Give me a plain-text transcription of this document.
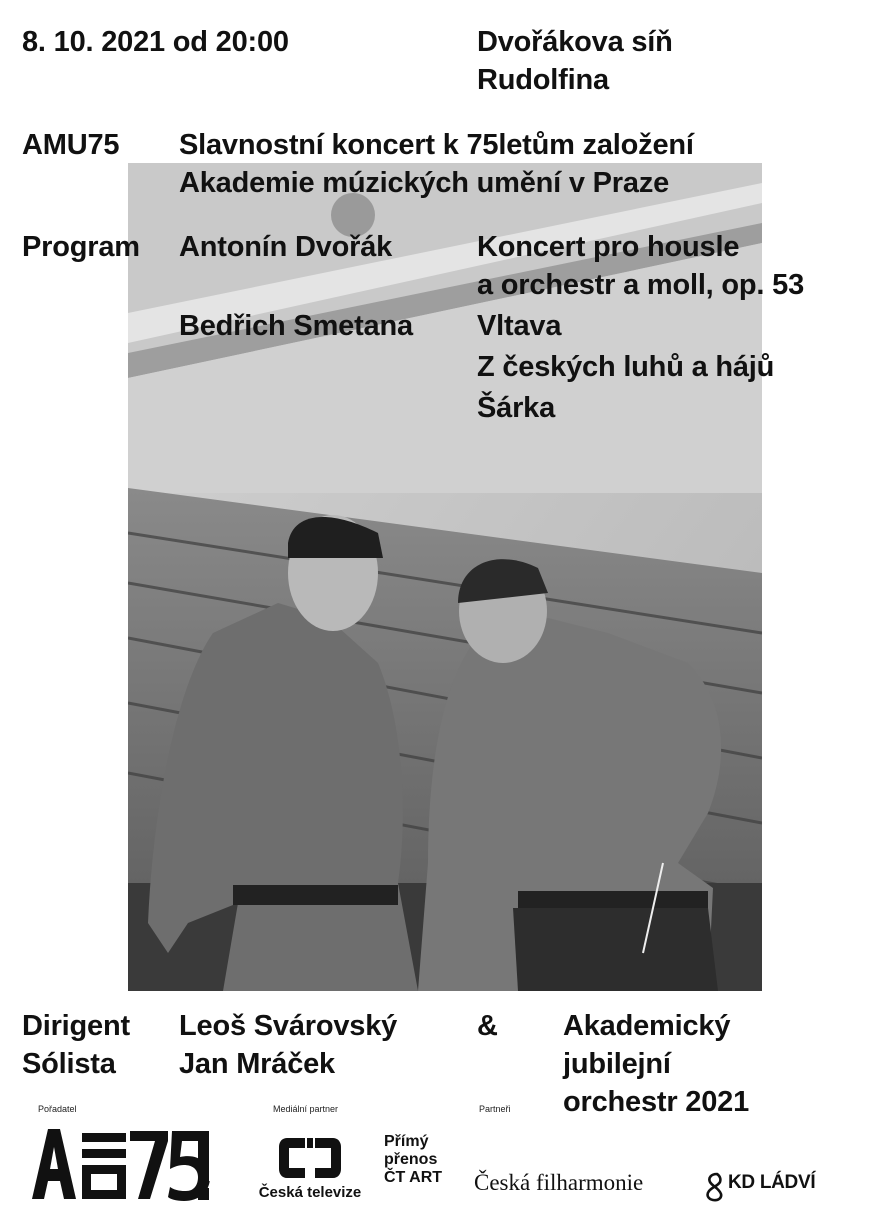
8. 10. 2021 od 20:00	Dvořákova síň
Rudolfina
AMU75 Slavnostní koncert k 75letům založení
Akademie múzických umění v Praze
Program Antonín Dvořák	Koncert pro housle
a orchestr a moll, op. 53
Bedřich Smetana Vltava
Z českých luhů a hájů
Šárka
Dirigent Leoš Svárovský	& Akademický
Sólista Jan Mráček	jubilejní
orchestr 2021
Pořadatel	Mediální partner	Partneři
Česká televize
Přímý
přenos
ČT ART Česká filharmonie	KD LÁDVÍ
